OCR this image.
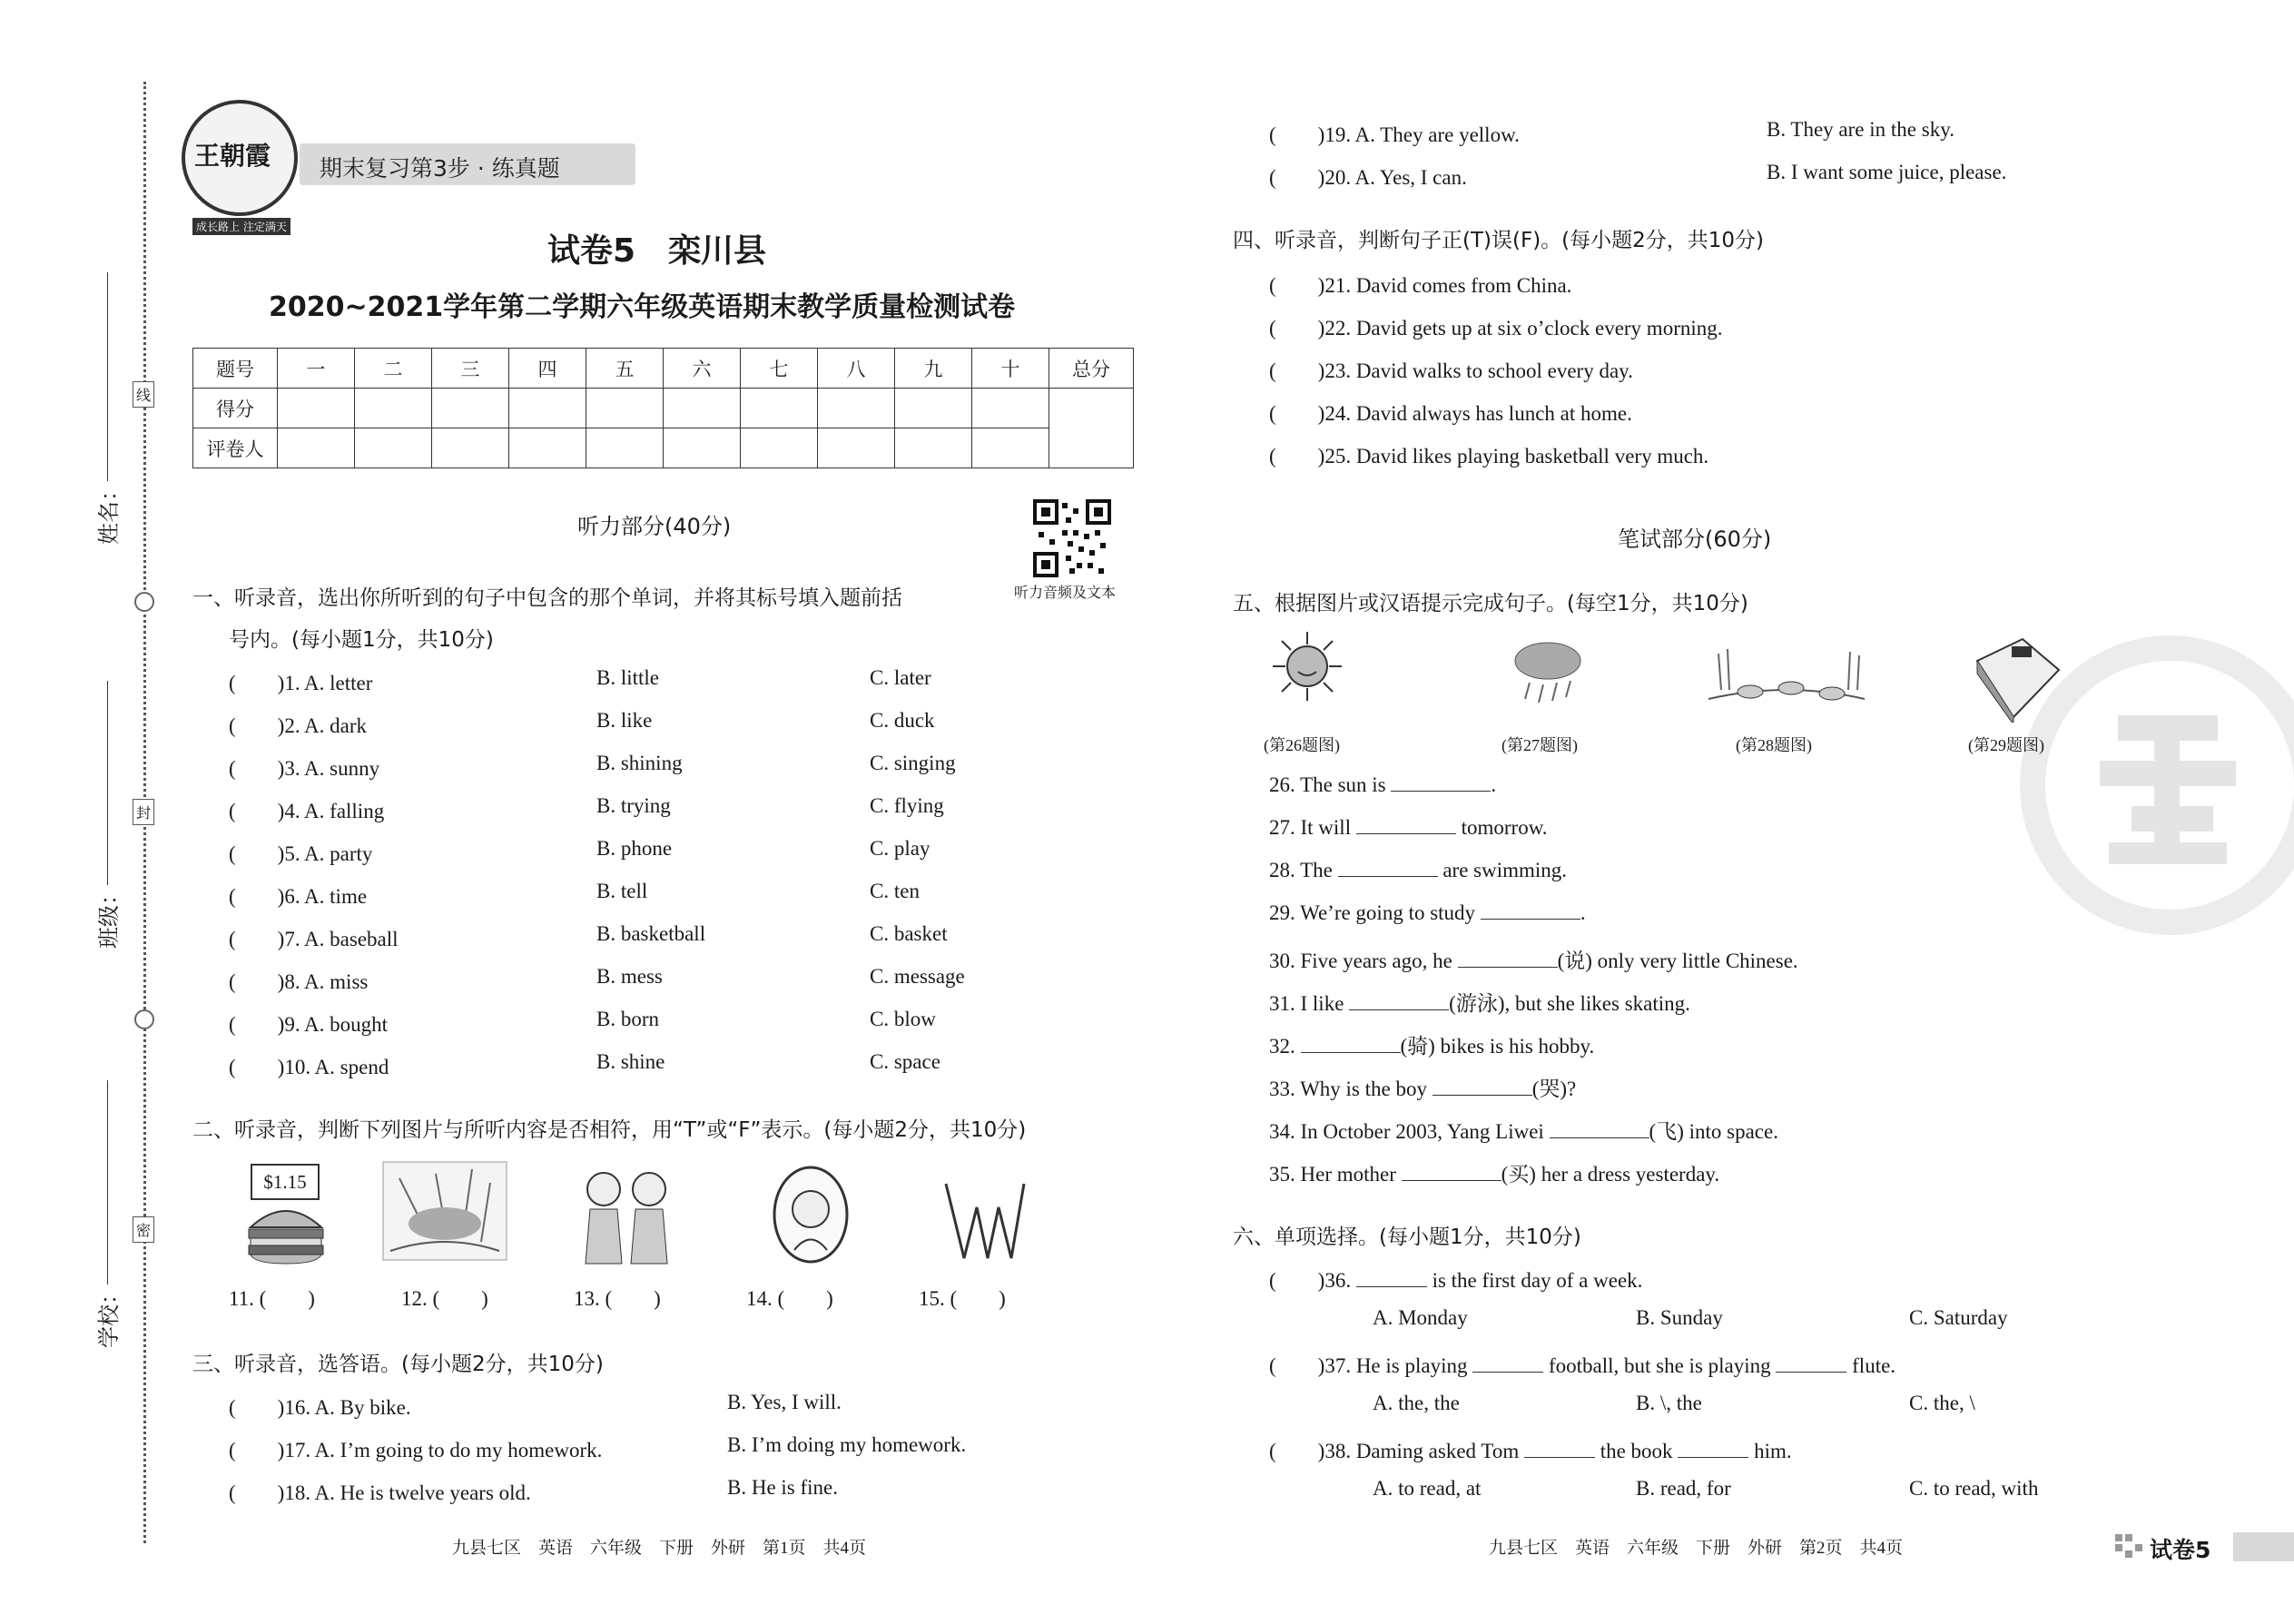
姓名：
班级：
学校：
线
封
密
王朝霞
成长路上 注定满天
期末复习第3步 · 练真题
试卷5　栾川县
2020~2021学年第二学期六年级英语期末教学质量检测试卷
题号	一	二	三	四	五	六	七	八	九	十	总分
得分											
评卷人											
听力部分(40分)
听力音频及文本
一、听录音，选出你所听到的句子中包含的那个单词，并将其标号填入题前括
号内。(每小题1分，共10分)
(　　)1. A. letter	B. little	C. later
(　　)2. A. dark	B. like	C. duck
(　　)3. A. sunny	B. shining	C. singing
(　　)4. A. falling	B. trying	C. flying
(　　)5. A. party	B. phone	C. play
(　　)6. A. time	B. tell	C. ten
(　　)7. A. baseball	B. basketball	C. basket
(　　)8. A. miss	B. mess	C. message
(　　)9. A. bought	B. born	C. blow
(　　)10. A. spend	B. shine	C. space
二、听录音，判断下列图片与所听内容是否相符，用“T”或“F”表示。(每小题2分，共10分)
$1.15
11. (　　)	12. (　　)	13. (　　)	14. (　　)	15. (　　)
三、听录音，选答语。(每小题2分，共10分)
(　　)16. A. By bike.	B. Yes, I will.
(　　)17. A. I’m going to do my homework.	B. I’m doing my homework.
(　　)18. A. He is twelve years old.	B. He is fine.
九县七区　英语　六年级　下册　外研　第1页　共4页
(　　)19. A. They are yellow.	B. They are in the sky.
(　　)20. A. Yes, I can.	B. I want some juice, please.
四、听录音，判断句子正(T)误(F)。(每小题2分，共10分)
(　　)21. David comes from China.
(　　)22. David gets up at six o’clock every morning.
(　　)23. David walks to school every day.
(　　)24. David always has lunch at home.
(　　)25. David likes playing basketball very much.
笔试部分(60分)
五、根据图片或汉语提示完成句子。(每空1分，共10分)
(第26题图)	(第27题图)	(第28题图)	(第29题图)
26. The sun is	.
27. It will	tomorrow.
28. The	are swimming.
29. We’re going to study	.
30. Five years ago, he	(说) only very little Chinese.
31. I like	(游泳), but she likes skating.
32.	(骑) bikes is his hobby.
33. Why is the boy	(哭)?
34. In October 2003, Yang Liwei	(飞) into space.
35. Her mother	(买) her a dress yesterday.
六、单项选择。(每小题1分，共10分)
(　　)36.	is the first day of a week.
A. Monday	B. Sunday	C. Saturday
(　　)37. He is playing	football, but she is playing	flute.
A. the, the	B. \, the	C. the, \
(　　)38. Daming asked Tom	the book	him.
A. to read, at	B. read, for	C. to read, with
九县七区　英语　六年级　下册　外研　第2页　共4页	试卷5
